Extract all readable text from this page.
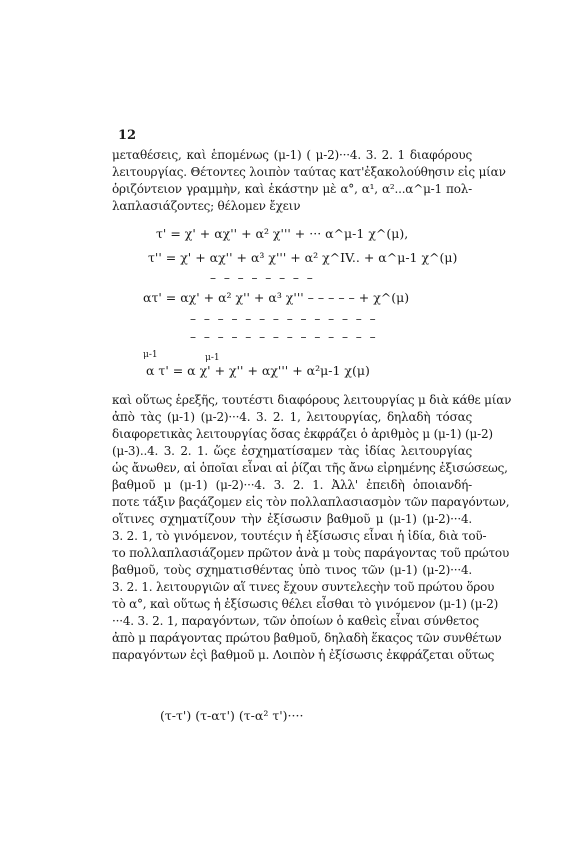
12
μεταθέσεις, καὶ ἑπομένως (μ-1) ( μ-2)···4. 3. 2. 1 διαφόρους
λειτουργίας. Θέτοντες λοιπὸν ταύτας κατ'ἐξακολούθησιν εἰς μίαν
ὁριζόντειον γραμμὴν, καὶ ἑκάστην μὲ α°, α¹, α²...α^μ-1 πολ-
λαπλασιάζοντες; θέλομεν ἔχειν
τ' = χ' + αχ'' + α² χ''' + ··· α^μ-1 χ^(μ),
τ'' = χ' + αχ'' + α³ χ''' + α² χ^IV.. + α^μ-1 χ^(μ)
– – – – – – – –
ατ' = αχ' + α² χ'' + α³ χ''' – – – – – + χ^(μ)
– – – – – – – – – – – – – –
– – – – – – – – – – – – – –
μ-1	μ-1
α τ' = α χ' + χ'' + αχ''' + α²μ-1 χ(μ)
καὶ οὕτως ἑρεξῆς, τουτέστι διαφόρους λειτουργίας μ διὰ κάθε μίαν
ἀπὸ τὰς (μ-1) (μ-2)···4. 3. 2. 1, λειτουργίας, δηλαδὴ τόσας
διαφορετικὰς λειτουργίας ὅσας ἐκφράζει ὁ ἀριθμὸς μ (μ-1) (μ-2)
(μ-3)..4. 3. 2. 1. ὥςε ἐσχηματίσαμεν τὰς ἰδίας λειτουργίας
ὡς ἄνωθεν, αἱ ὁποῖαι εἶναι αἱ ῥίζαι τῆς ἄνω εἰρημένης ἐξισώσεως,
βαθμοῦ μ (μ-1) (μ-2)···4. 3. 2. 1. Ἀλλ' ἐπειδὴ ὁποιανδή-
ποτε τάξιν βαςάζομεν εἰς τὸν πολλαπλασιασμὸν τῶν παραγόντων,
οἵτινες σχηματίζουν τὴν ἐξίσωσιν βαθμοῦ μ (μ-1) (μ-2)···4.
3. 2. 1, τὸ γινόμενον, τουτέςιν ἡ ἐξίσωσις εἶναι ἡ ἰδία, διὰ τοῦ-
το πολλαπλασιάζομεν πρῶτον ἀνὰ μ τοὺς παράγοντας τοῦ πρώτου
βαθμοῦ, τοὺς σχηματισθέντας ὑπὸ τινος τῶν (μ-1) (μ-2)···4.
3. 2. 1. λειτουργιῶν αἵ τινες ἔχουν συντελεςὴν τοῦ πρώτου ὅρου
τὸ α°, καὶ οὕτως ἡ ἐξίσωσις θέλει εἶσθαι τὸ γινόμενον (μ-1) (μ-2)
···4. 3. 2. 1, παραγόντων, τῶν ὁποίων ὁ καθεὶς εἶναι σύνθετος
ἀπὸ μ παράγοντας πρώτου βαθμοῦ, δηλαδὴ ἕκαςος τῶν συνθέτων
παραγόντων ἐςὶ βαθμοῦ μ. Λοιπὸν ἡ ἐξίσωσις ἐκφράζεται οὕτως
(τ-τ') (τ-ατ') (τ-α² τ')····
